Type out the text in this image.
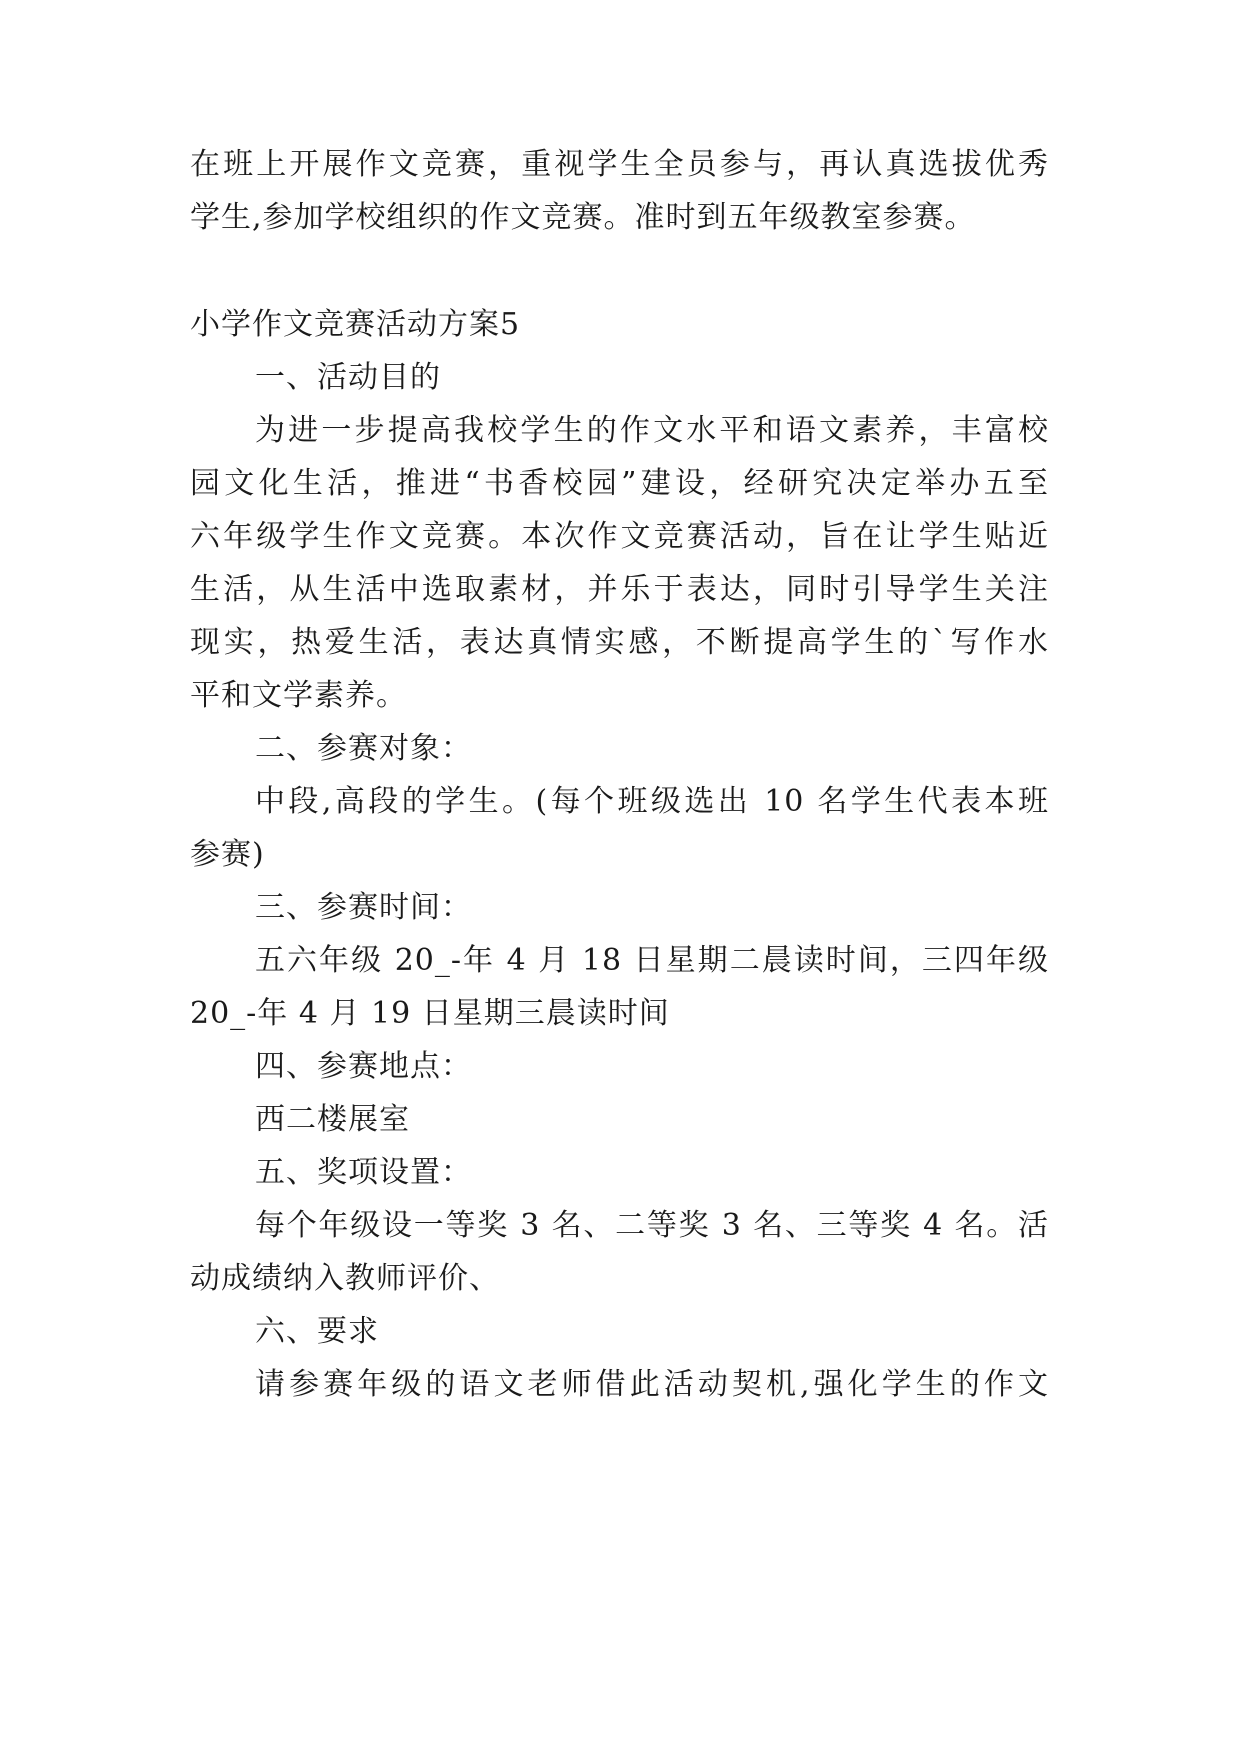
在班上开展作文竞赛，重视学生全员参与，再认真选拔优秀

学生,参加学校组织的作文竞赛。准时到五年级教室参赛。

小学作文竞赛活动方案5

一、活动目的

为进一步提高我校学生的作文水平和语文素养，丰富校

园文化生活，推进“书香校园”建设，经研究决定举办五至

六年级学生作文竞赛。本次作文竞赛活动，旨在让学生贴近

生活，从生活中选取素材，并乐于表达，同时引导学生关注

现实，热爱生活，表达真情实感，不断提高学生的`写作水

平和文学素养。

二、参赛对象：

中段,高段的学生。(每个班级选出 10 名学生代表本班

参赛)

三、参赛时间：

五六年级 20_-年 4 月 18 日星期二晨读时间，三四年级

20_-年 4 月 19 日星期三晨读时间

四、参赛地点：

西二楼展室

五、奖项设置：

每个年级设一等奖 3 名、二等奖 3 名、三等奖 4 名。活

动成绩纳入教师评价、

六、要求

请参赛年级的语文老师借此活动契机,强化学生的作文
